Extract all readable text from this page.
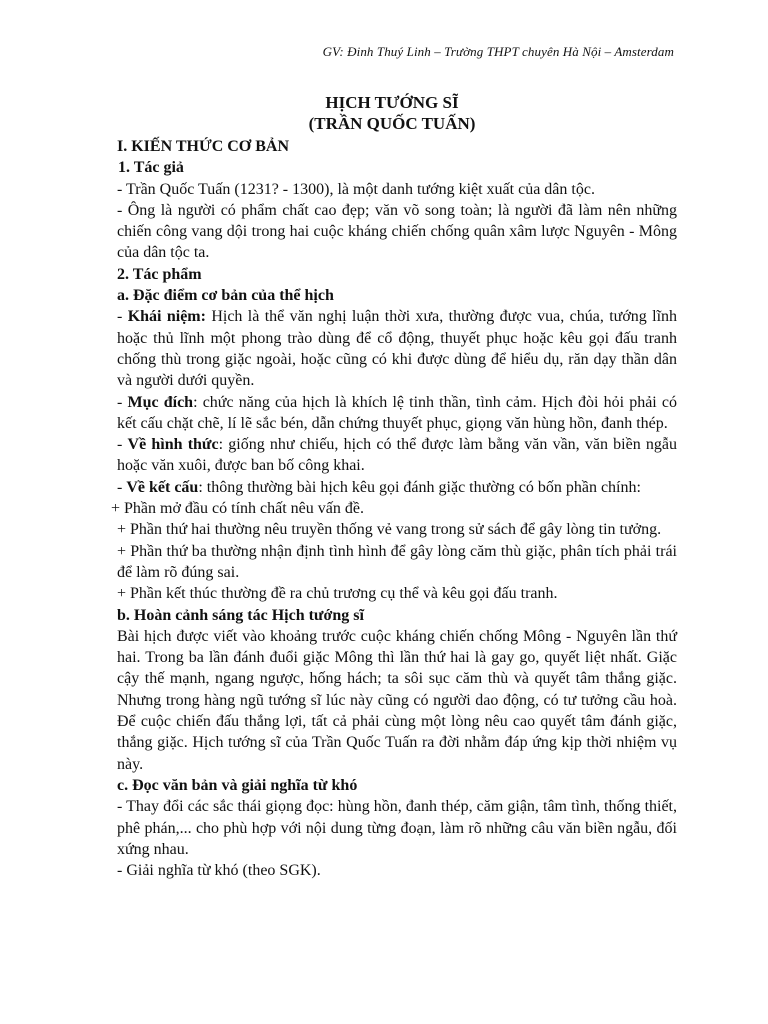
GV: Đinh Thuý Linh – Trường THPT chuyên Hà Nội – Amsterdam
HỊCH TƯỚNG SĨ
(TRẦN QUỐC TUẤN)

I. KIẾN THỨC CƠ BẢN

1. Tác giả

- Trần Quốc Tuấn (1231? - 1300), là một danh tướng kiệt xuất của dân tộc.

- Ông là người có phẩm chất cao đẹp; văn võ song toàn; là người đã làm nên những chiến công vang dội trong hai cuộc kháng chiến chống quân xâm lược Nguyên - Mông của dân tộc ta.

2. Tác phẩm

a. Đặc điểm cơ bản của thể hịch

- Khái niệm: Hịch là thể văn nghị luận thời xưa, thường được vua, chúa, tướng lĩnh hoặc thủ lĩnh một phong trào dùng để cổ động, thuyết phục hoặc kêu gọi đấu tranh chống thù trong giặc ngoài, hoặc cũng có khi được dùng để hiểu dụ, răn dạy thần dân và người dưới quyền.

- Mục đích: chức năng của hịch là khích lệ tinh thần, tình cảm. Hịch đòi hỏi phải có kết cấu chặt chẽ, lí lẽ sắc bén, dẫn chứng thuyết phục, giọng văn hùng hồn, đanh thép.

- Về hình thức: giống như chiếu, hịch có thể được làm bằng văn vần, văn biền ngẫu hoặc văn xuôi, được ban bố công khai.

- Về kết cấu: thông thường bài hịch kêu gọi đánh giặc thường có bốn phần chính:

+ Phần mở đầu có tính chất nêu vấn đề.

+ Phần thứ hai thường nêu truyền thống vẻ vang trong sử sách để gây lòng tin tưởng.

+ Phần thứ ba thường nhận định tình hình để gây lòng căm thù giặc, phân tích phải trái để làm rõ đúng sai.

+ Phần kết thúc thường đề ra chủ trương cụ thể và kêu gọi đấu tranh.

b. Hoàn cảnh sáng tác Hịch tướng sĩ

Bài hịch được viết vào khoảng trước cuộc kháng chiến chống Mông - Nguyên lần thứ hai. Trong ba lần đánh đuổi giặc Mông thì lần thứ hai là gay go, quyết liệt nhất. Giặc cậy thế mạnh, ngang ngược, hống hách; ta sôi sục căm thù và quyết tâm thắng giặc. Nhưng trong hàng ngũ tướng sĩ lúc này cũng có người dao động, có tư tưởng cầu hoà. Để cuộc chiến đấu thắng lợi, tất cả phải cùng một lòng nêu cao quyết tâm đánh giặc, thắng giặc. Hịch tướng sĩ của Trần Quốc Tuấn ra đời nhằm đáp ứng kịp thời nhiệm vụ này.

c. Đọc văn bản và giải nghĩa từ khó

- Thay đổi các sắc thái giọng đọc: hùng hồn, đanh thép, căm giận, tâm tình, thống thiết, phê phán,... cho phù hợp với nội dung từng đoạn, làm rõ những câu văn biền ngẫu, đối xứng nhau.

- Giải nghĩa từ khó (theo SGK).
